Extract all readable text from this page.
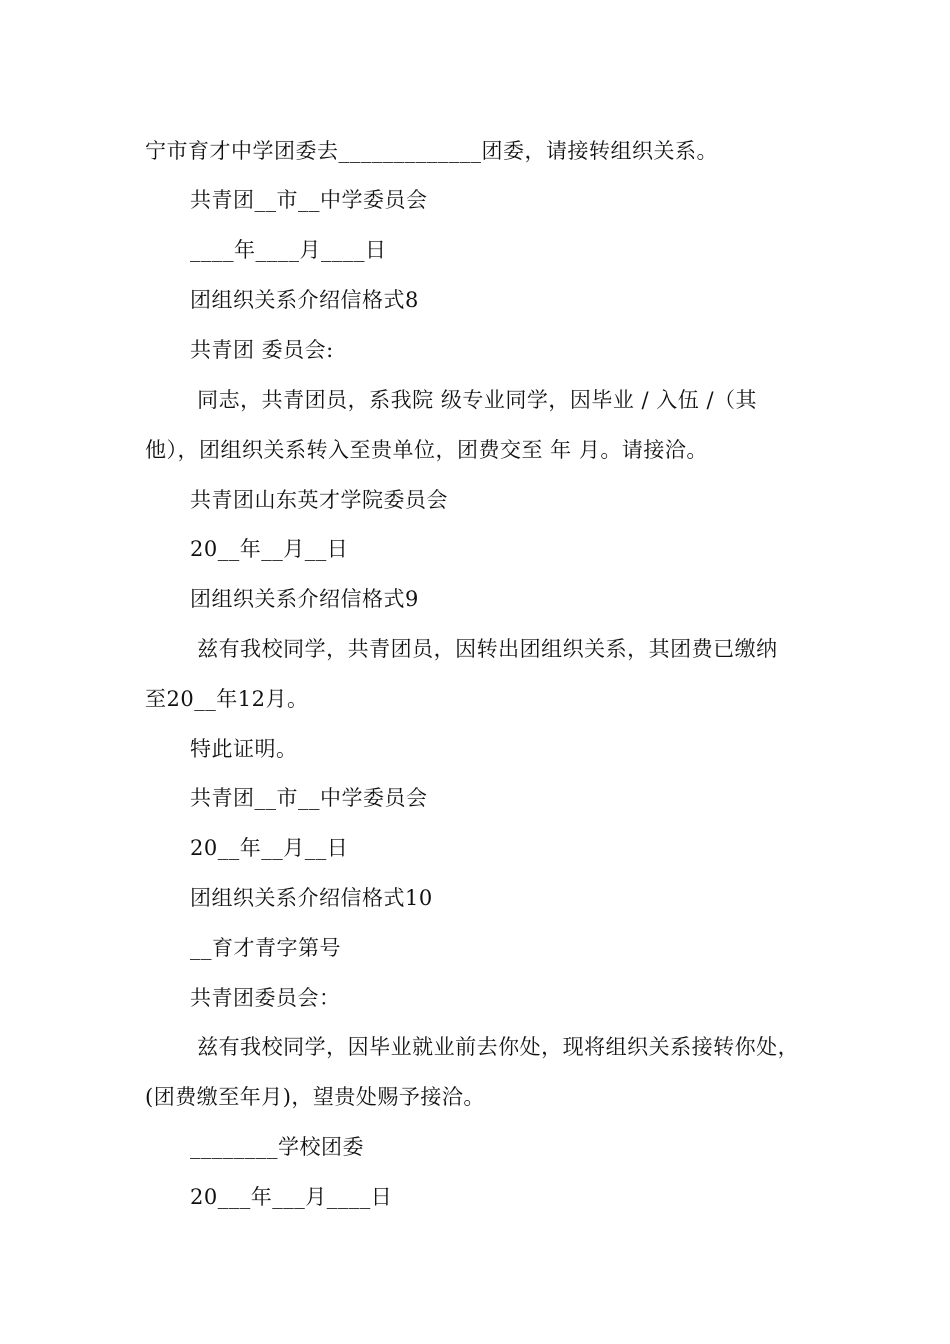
宁市育才中学团委去_____________团委，请接转组织关系。
共青团__市__中学委员会
____年____月____日
团组织关系介绍信格式8
共青团 委员会:
同志，共青团员，系我院 级专业同学，因毕业 / 入伍 /（其
他），团组织关系转入至贵单位，团费交至 年 月。请接洽。
共青团山东英才学院委员会
20__年__月__日
团组织关系介绍信格式9
兹有我校同学，共青团员，因转出团组织关系，其团费已缴纳
至20__年12月。
特此证明。
共青团__市__中学委员会
20__年__月__日
团组织关系介绍信格式10
__育才青字第号
共青团委员会：
兹有我校同学，因毕业就业前去你处，现将组织关系接转你处，
(团费缴至年月)，望贵处赐予接洽。
________学校团委
20___年___月____日
